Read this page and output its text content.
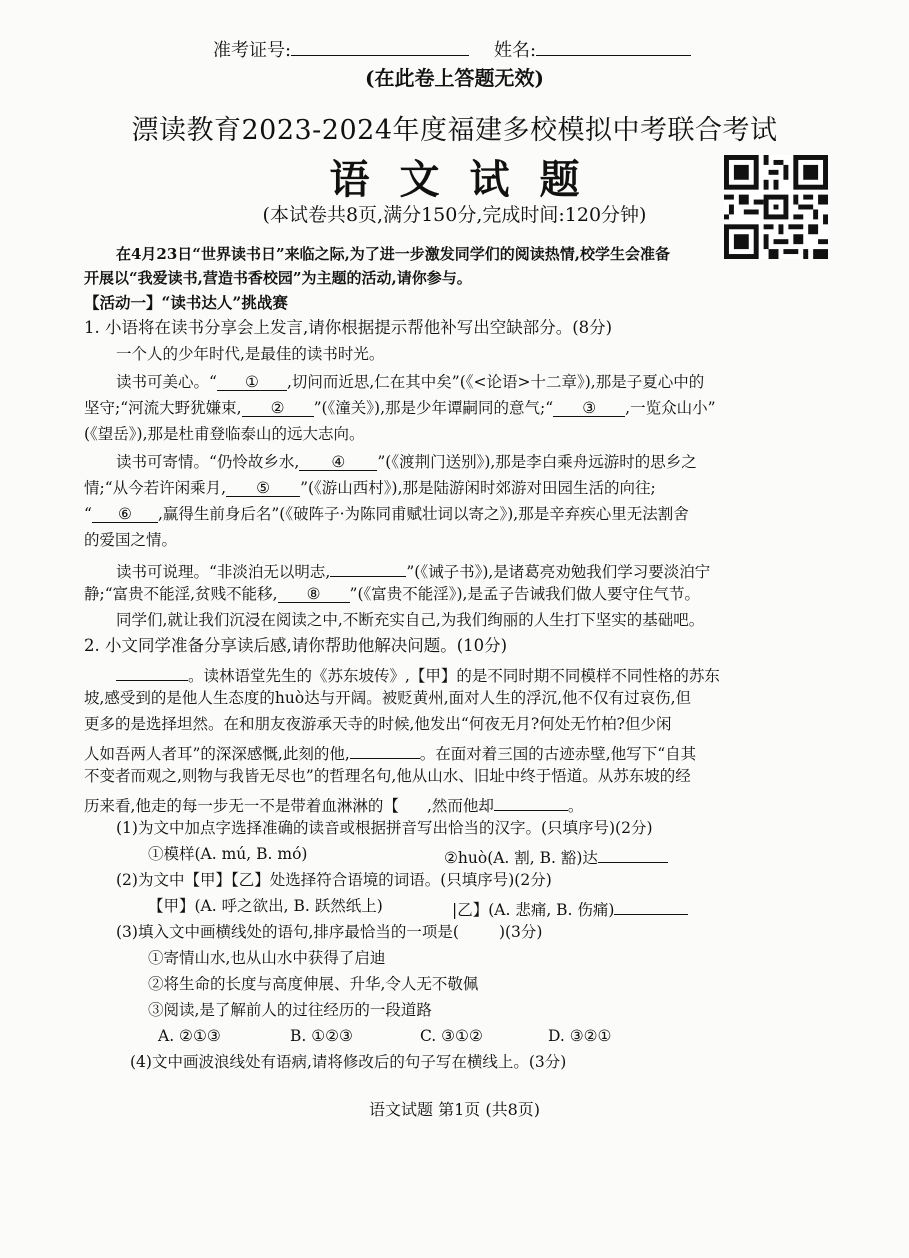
准考证号:	姓名:
(在此卷上答题无效)
漂读教育2023-2024年度福建多校模拟中考联合考试
语文试题
(本试卷共8页,满分150分,完成时间:120分钟)
在4月23日“世界读书日”来临之际,为了进一步激发同学们的阅读热情,校学生会准备
开展以“我爱读书,营造书香校园”为主题的活动,请你参与。
【活动一】“读书达人”挑战赛
1. 小语将在读书分享会上发言,请你根据提示帮他补写出空缺部分。(8分)
一个人的少年时代,是最佳的读书时光。
读书可美心。“ ① ,切问而近思,仁在其中矣”(《<论语>十二章》),那是子夏心中的
坚守;“河流大野犹嫌束, ② ”(《潼关》),那是少年谭嗣同的意气;“ ③ ,一览众山小”
(《望岳》),那是杜甫登临泰山的远大志向。
读书可寄情。“仍怜故乡水, ④ ”(《渡荆门送别》),那是李白乘舟远游时的思乡之
情;“从今若许闲乘月, ⑤ ”(《游山西村》),那是陆游闲时郊游对田园生活的向往;
“ ⑥ ,赢得生前身后名”(《破阵子·为陈同甫赋壮词以寄之》),那是辛弃疾心里无法割舍
的爱国之情。
读书可说理。“非淡泊无以明志,	”(《诫子书》),是诸葛亮劝勉我们学习要淡泊宁
静;“富贵不能淫,贫贱不能移, ⑧ ”(《富贵不能淫》),是孟子告诫我们做人要守住气节。
同学们,就让我们沉浸在阅读之中,不断充实自己,为我们绚丽的人生打下坚实的基础吧。
2. 小文同学准备分享读后感,请你帮助他解决问题。(10分)
。读林语堂先生的《苏东坡传》,【甲】的是不同时期不同模样不同性格的苏东
坡,感受到的是他人生态度的huò达与开阔。被贬黄州,面对人生的浮沉,他不仅有过哀伤,但
更多的是选择坦然。在和朋友夜游承天寺的时候,他发出“何夜无月?何处无竹柏?但少闲
人如吾两人者耳”的深深感慨,此刻的他,	。在面对着三国的古迹赤壁,他写下“自其
不变者而观之,则物与我皆无尽也”的哲理名句,他从山水、旧址中终于悟道。从苏东坡的经
历来看,他走的每一步无一不是带着血淋淋的【 ,然而他却	。
(1)为文中加点字选择准确的读音或根据拼音写出恰当的汉字。(只填序号)(2分)
①模样(A. mú, B. mó)	②huò(A. 割, B. 豁)达
(2)为文中【甲】【乙】处选择符合语境的词语。(只填序号)(2分)
【甲】(A. 呼之欲出, B. 跃然纸上)	|乙】(A. 悲痛, B. 伤痛)
(3)填入文中画横线处的语句,排序最恰当的一项是(	)(3分)
①寄情山水,也从山水中获得了启迪
②将生命的长度与高度伸展、升华,令人无不敬佩
③阅读,是了解前人的过往经历的一段道路
A. ②①③	B. ①②③	C. ③①②	D. ③②①
(4)文中画波浪线处有语病,请将修改后的句子写在横线上。(3分)
语文试题 第1页 (共8页)
